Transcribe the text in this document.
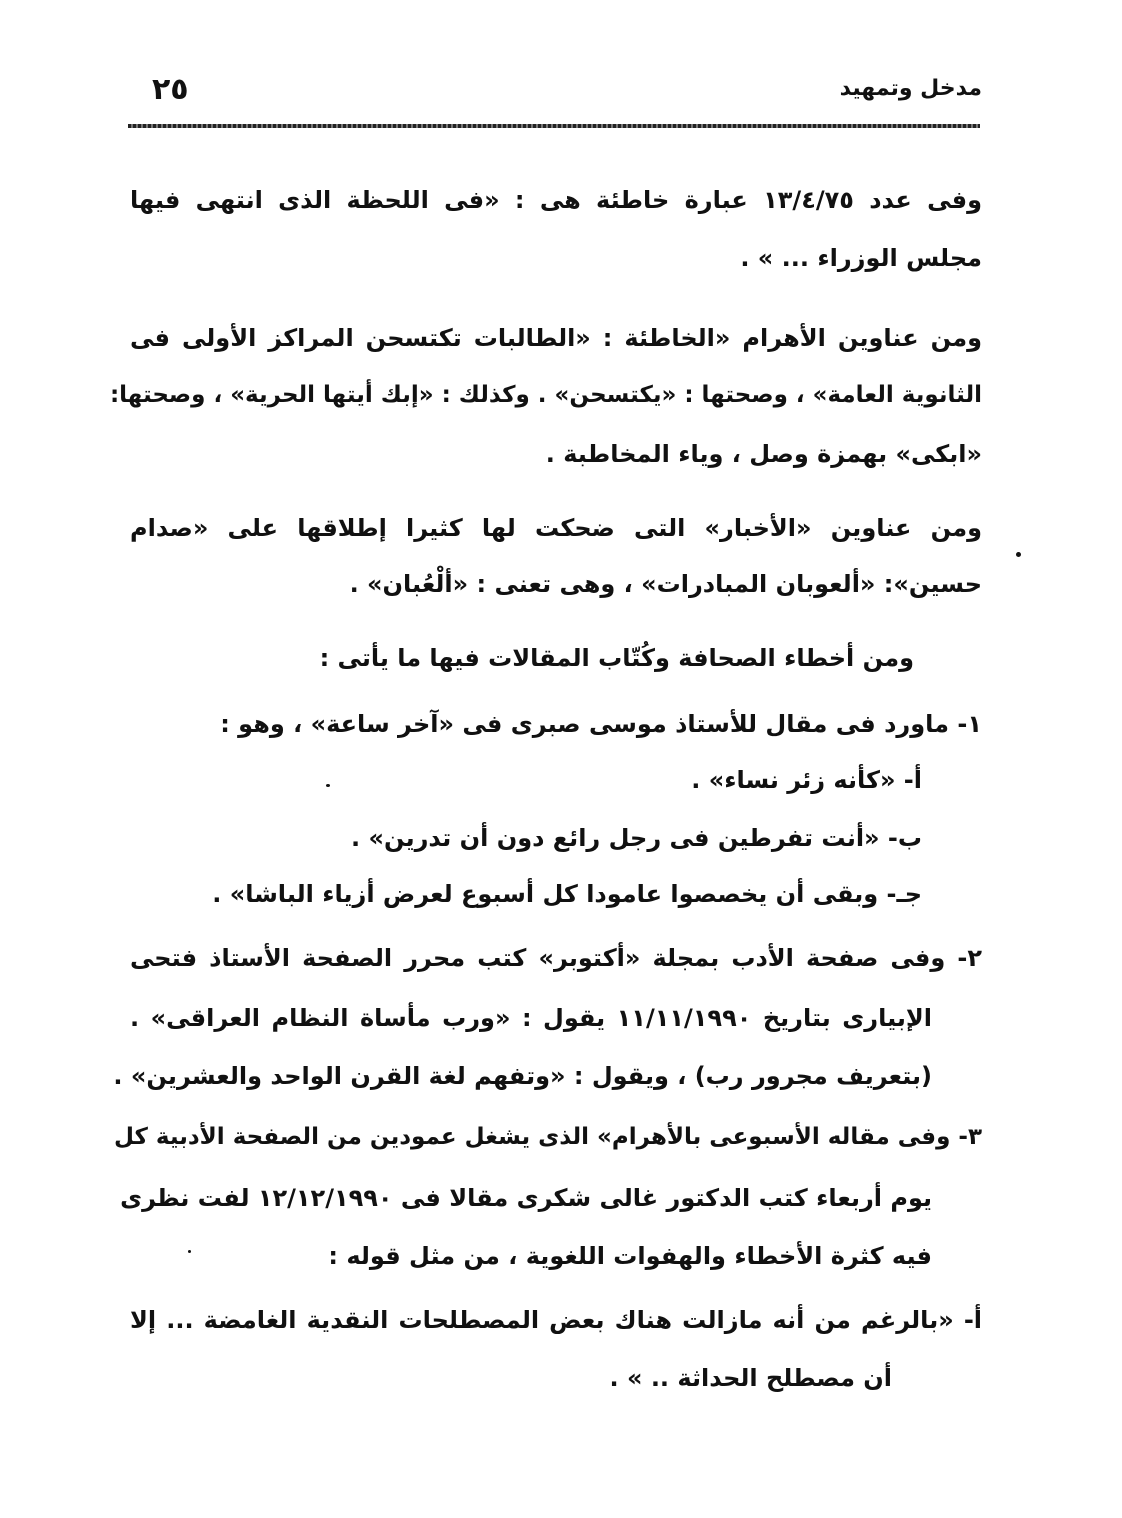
٢٥	مدخل وتمهيد
وفى عدد ١٣/٤/٧٥ عبارة خاطئة هى : «فى اللحظة الذى انتهى فيها
مجلس الوزراء ... » .
ومن عناوين الأهرام «الخاطئة : «الطالبات تكتسحن المراكز الأولى فى
الثانوية العامة» ، وصحتها : «يكتسحن» . وكذلك : «إبك أيتها الحرية» ، وصحتها:
«ابكى» بهمزة وصل ، وياء المخاطبة .
ومن عناوين «الأخبار» التى ضحكت لها كثيرا إطلاقها على «صدام
حسين»: «ألعوبان المبادرات» ، وهى تعنى : «ألْعُبان» .
ومن أخطاء الصحافة وكُتّاب المقالات فيها ما يأتى :
١- ماورد فى مقال للأستاذ موسى صبرى فى «آخر ساعة» ، وهو :
أ- «كأنه زئر نساء» .
ب- «أنت تفرطين فى رجل رائع دون أن تدرين» .
جـ- وبقى أن يخصصوا عامودا كل أسبوع لعرض أزياء الباشا» .
٢- وفى صفحة الأدب بمجلة «أكتوبر» كتب محرر الصفحة الأستاذ فتحى
الإبيارى بتاريخ ١١/١١/١٩٩٠ يقول : «ورب مأساة النظام العراقى» .
(بتعريف مجرور رب) ، ويقول : «وتفهم لغة القرن الواحد والعشرين» .
٣- وفى مقاله الأسبوعى بالأهرام» الذى يشغل عمودين من الصفحة الأدبية كل
يوم أربعاء كتب الدكتور غالى شكرى مقالا فى ١٢/١٢/١٩٩٠ لفت نظرى
فيه كثرة الأخطاء والهفوات اللغوية ، من مثل قوله :
أ- «بالرغم من أنه مازالت هناك بعض المصطلحات النقدية الغامضة ... إلا
أن مصطلح الحداثة .. » .
